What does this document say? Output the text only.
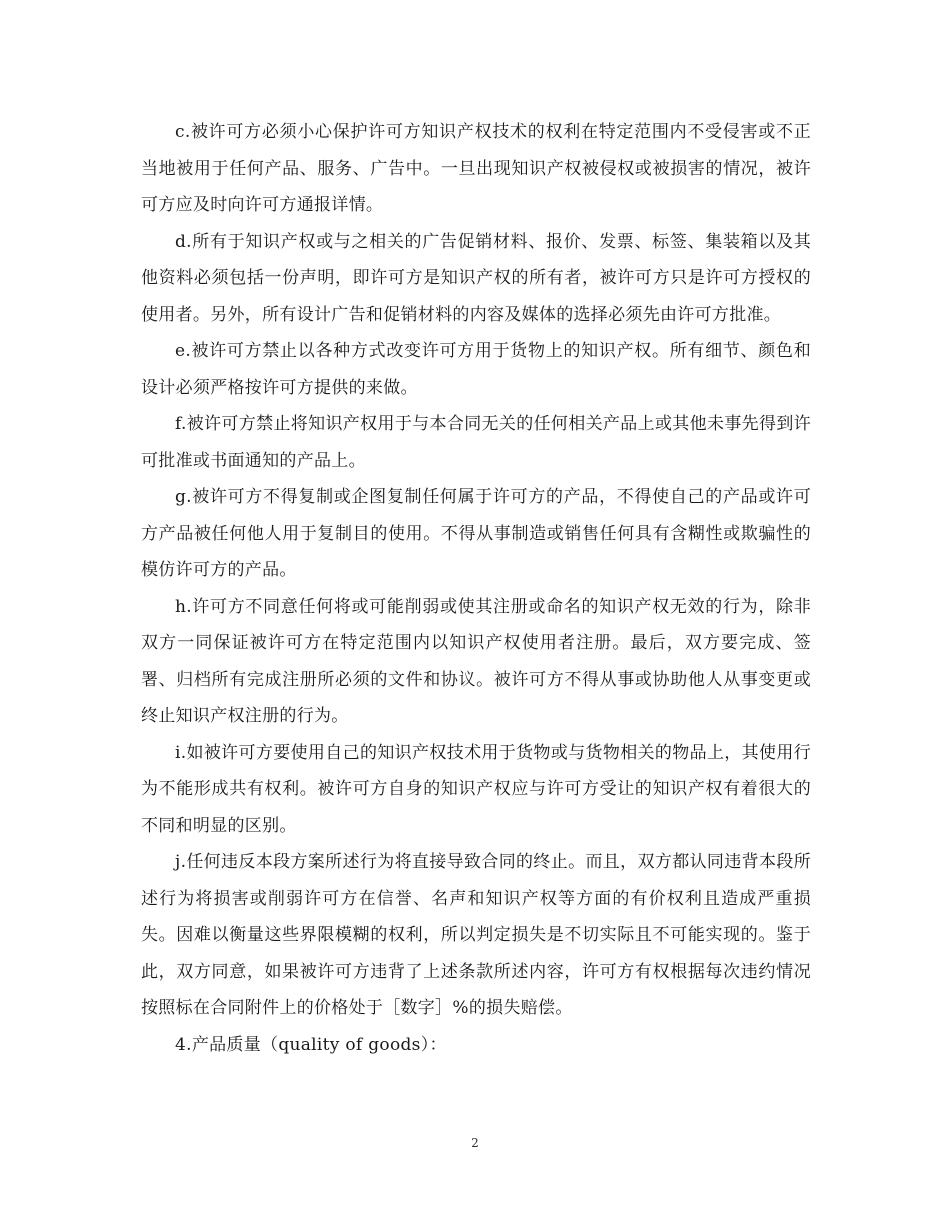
c.被许可方必须小心保护许可方知识产权技术的权利在特定范围内不受侵害或不正当地被用于任何产品、服务、广告中。一旦出现知识产权被侵权或被损害的情况，被许可方应及时向许可方通报详情。

d.所有于知识产权或与之相关的广告促销材料、报价、发票、标签、集装箱以及其他资料必须包括一份声明，即许可方是知识产权的所有者，被许可方只是许可方授权的使用者。另外，所有设计广告和促销材料的内容及媒体的选择必须先由许可方批准。

e.被许可方禁止以各种方式改变许可方用于货物上的知识产权。所有细节、颜色和设计必须严格按许可方提供的来做。

f.被许可方禁止将知识产权用于与本合同无关的任何相关产品上或其他未事先得到许可批准或书面通知的产品上。

g.被许可方不得复制或企图复制任何属于许可方的产品，不得使自己的产品或许可方产品被任何他人用于复制目的使用。不得从事制造或销售任何具有含糊性或欺骗性的模仿许可方的产品。

h.许可方不同意任何将或可能削弱或使其注册或命名的知识产权无效的行为，除非双方一同保证被许可方在特定范围内以知识产权使用者注册。最后，双方要完成、签署、归档所有完成注册所必须的文件和协议。被许可方不得从事或协助他人从事变更或终止知识产权注册的行为。

i.如被许可方要使用自己的知识产权技术用于货物或与货物相关的物品上，其使用行为不能形成共有权利。被许可方自身的知识产权应与许可方受让的知识产权有着很大的不同和明显的区别。

j.任何违反本段方案所述行为将直接导致合同的终止。而且，双方都认同违背本段所述行为将损害或削弱许可方在信誉、名声和知识产权等方面的有价权利且造成严重损失。因难以衡量这些界限模糊的权利，所以判定损失是不切实际且不可能实现的。鉴于此，双方同意，如果被许可方违背了上述条款所述内容，许可方有权根据每次违约情况按照标在合同附件上的价格处于［数字］%的损失赔偿。

4.产品质量（quality of goods）：

2
